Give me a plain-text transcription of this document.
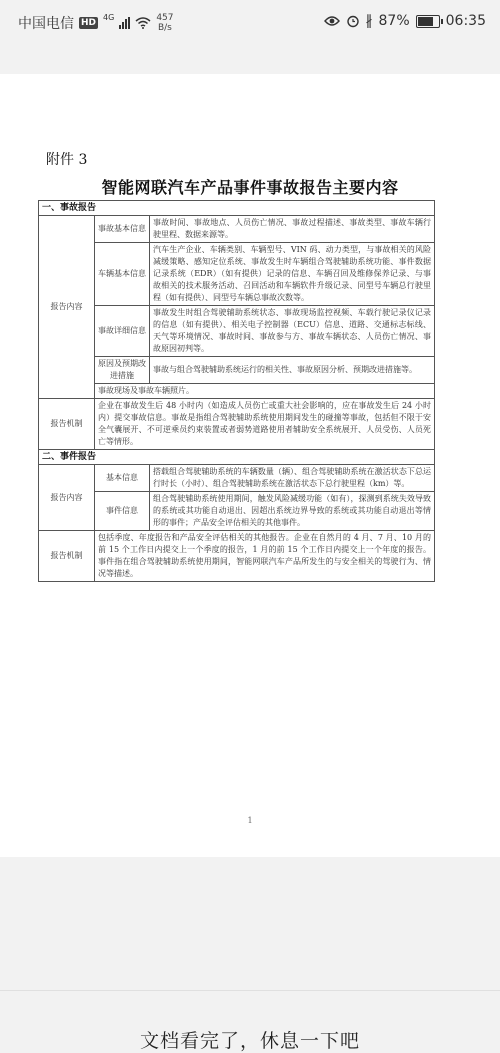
中国电信 HD
4G	457
B/s	∦ 87%	06:35
附件 3
智能网联汽车产品事件事故报告主要内容
一、事故报告		
报告内容	事故基本信息	事故时间、事故地点、人员伤亡情况、事故过程描述、事故类型、事故车辆行驶里程、数据来源等。
	车辆基本信息	汽车生产企业、车辆类别、车辆型号、VIN 码、动力类型，与事故相关的风险减缓策略、感知定位系统、事故发生时车辆组合驾驶辅助系统功能、事件数据记录系统（EDR）（如有提供）记录的信息、车辆召回及维修保养记录、与事故相关的技术服务活动、召回活动和车辆软件升级记录、同型号车辆总行驶里程（如有提供）、同型号车辆总事故次数等。
	事故详细信息	事故发生时组合驾驶辅助系统状态、事故现场监控视频、车载行驶记录仪记录的信息（如有提供）、相关电子控制器（ECU）信息、道路、交通标志标线、天气等环境情况、事故时间、事故参与方、事故车辆状态、人员伤亡情况、事故原因初判等。
	原因及预期改进措施	事故与组合驾驶辅助系统运行的相关性、事故原因分析、预期改进措施等。
	事故现场及事故车辆照片。	
报告机制	企业在事故发生后 48 小时内（如造成人员伤亡或重大社会影响的，应在事故发生后 24 小时内）提交事故信息。事故是指组合驾驶辅助系统使用期间发生的碰撞等事故，包括但不限于安全气囊展开、不可逆乘员约束装置或者弱势道路使用者辅助安全系统展开、人员受伤、人员死亡等情形。	
二、事件报告		
报告内容	基本信息	搭载组合驾驶辅助系统的车辆数量（辆）、组合驾驶辅助系统在激活状态下总运行时长（小时）、组合驾驶辅助系统在激活状态下总行驶里程（km）等。
	事件信息	组合驾驶辅助系统使用期间，触发风险减缓功能（如有），探测到系统失效导致的系统或其功能自动退出、因超出系统边界导致的系统或其功能自动退出等情形的事件；产品安全评估相关的其他事件。
报告机制	包括季度、年度报告和产品安全评估相关的其他报告。企业在自然月的 4 月、7 月、10 月的前 15 个工作日内提交上一个季度的报告，1 月的前 15 个工作日内提交上一个年度的报告。事件指在组合驾驶辅助系统使用期间，智能网联汽车产品所发生的与安全相关的驾驶行为、情况等描述。	
1
文档看完了，休息一下吧
